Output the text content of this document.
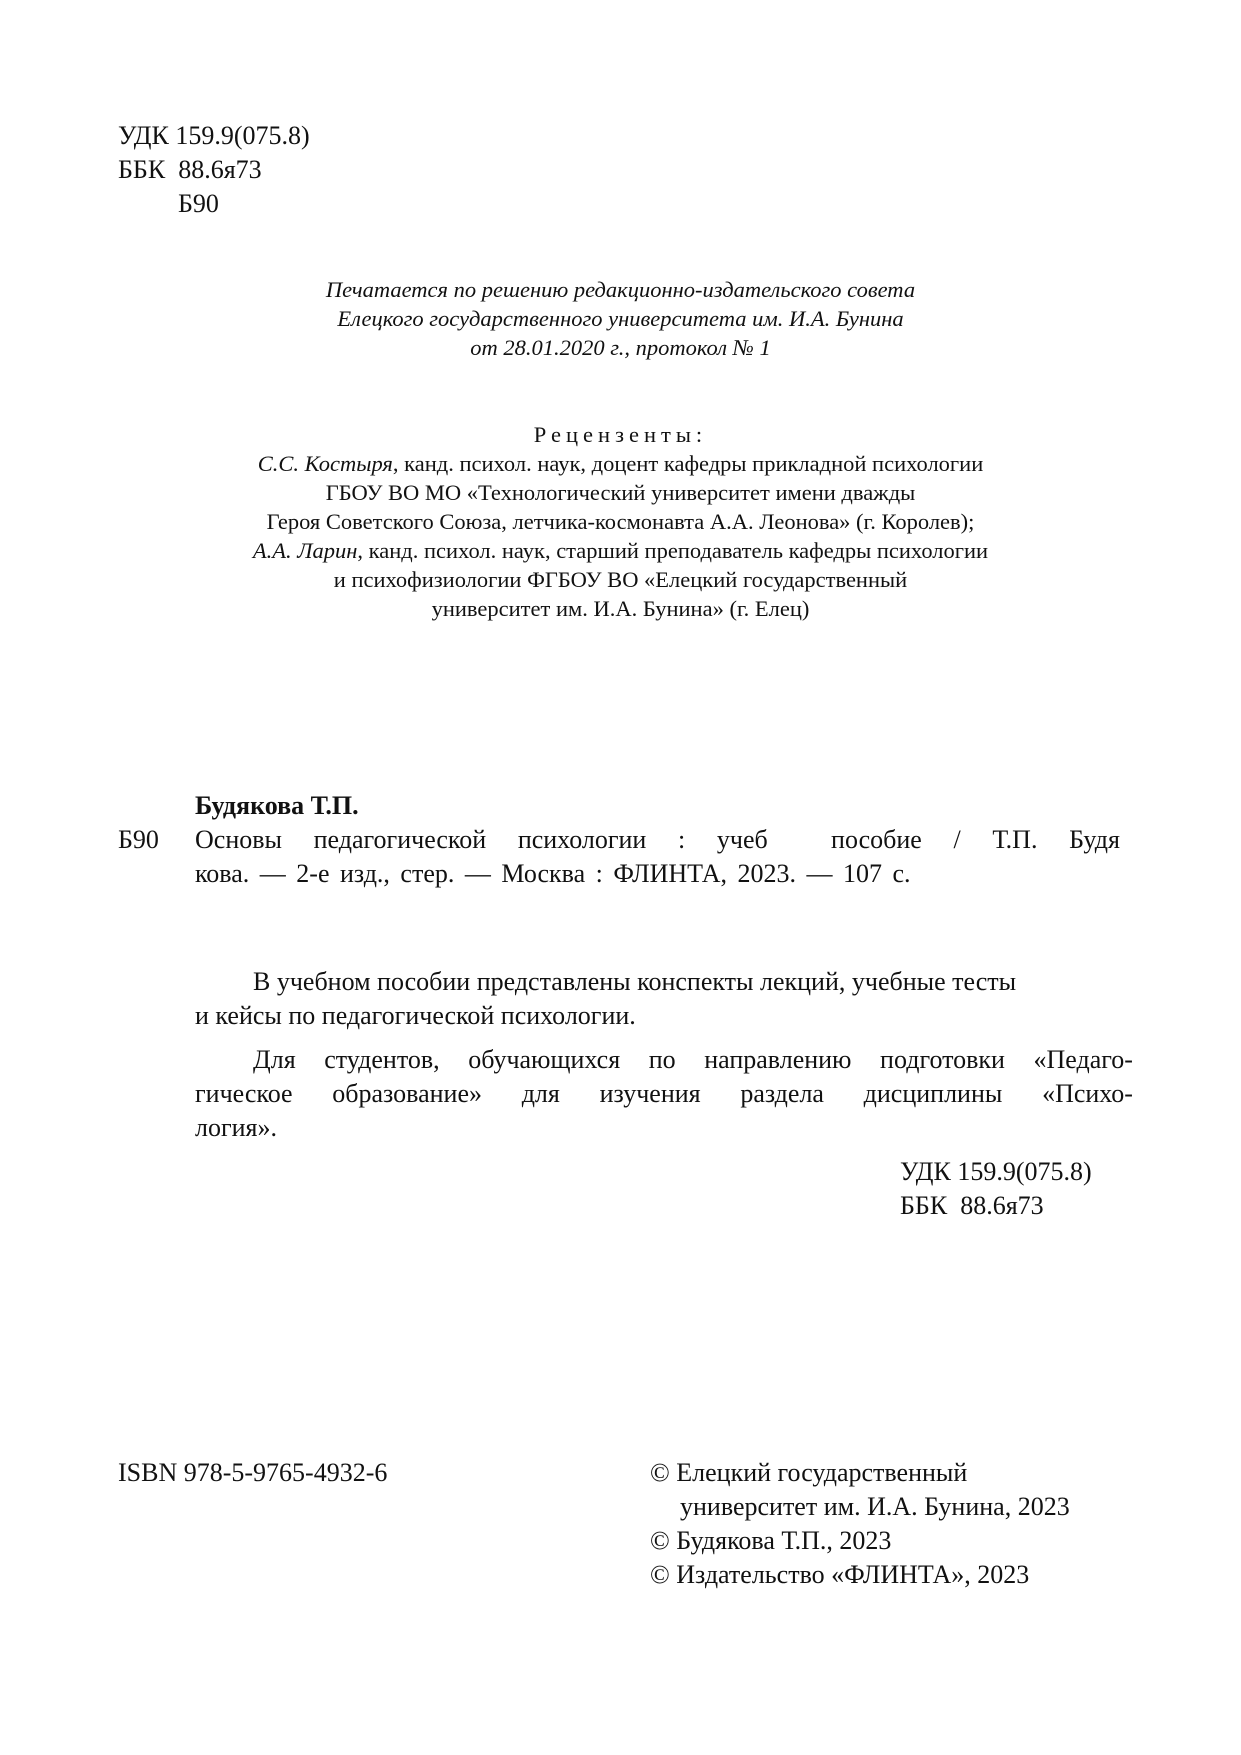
УДК 159.9(075.8)
ББК  88.6я73
Б90
Печатается по решению редакционно-издательского совета
Елецкого государственного университета им. И.А. Бунина
от 28.01.2020 г., протокол № 1
Рецензенты:
С.С. Костыря, канд. психол. наук, доцент кафедры прикладной психологии
ГБОУ ВО МО «Технологический университет имени дважды
Героя Советского Союза, летчика-космонавта А.А. Леонова» (г. Королев);
А.А. Ларин, канд. психол. наук, старший преподаватель кафедры психологии
и психофизиологии ФГБОУ ВО «Елецкий государственный
университет им. И.А. Бунина» (г. Елец)
Будякова Т.П.
Б90 Основы педагогической психологии : учеб пособие / Т.П. Будя
кова. — 2-е изд., стер. — Москва : ФЛИНТА, 2023. — 107 с.
В учебном пособии представлены конспекты лекций, учебные тесты
и кейсы по педагогической психологии.
Для студентов, обучающихся по направлению подготовки «Педаго-
гическое образование» для изучения раздела дисциплины «Психо-
логия».
УДК 159.9(075.8)
ББК  88.6я73
ISBN 978-5-9765-4932-6	© Елецкий государственный
университет им. И.А. Бунина, 2023
© Будякова Т.П., 2023
© Издательство «ФЛИНТА», 2023
